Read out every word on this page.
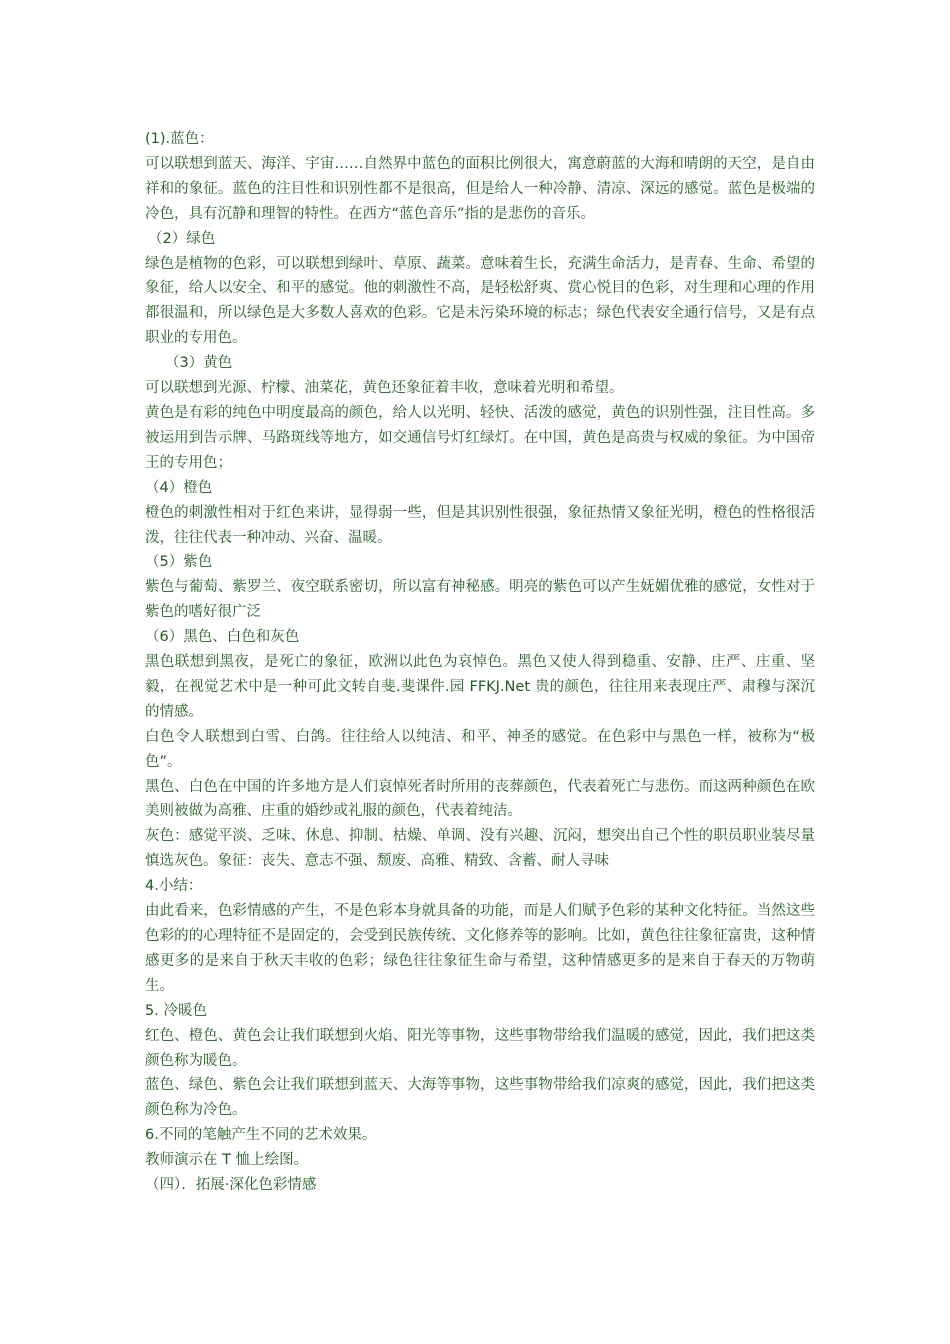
(1).蓝色：

可以联想到蓝天、海洋、宇宙……自然界中蓝色的面积比例很大，寓意蔚蓝的大海和晴朗的天空，是自由祥和的象征。蓝色的注目性和识别性都不是很高，但是给人一种冷静、清凉、深远的感觉。蓝色是极端的冷色，具有沉静和理智的特性。在西方“蓝色音乐”指的是悲伤的音乐。

（2）绿色

绿色是植物的色彩，可以联想到绿叶、草原、蔬菜。意味着生长，充满生命活力，是青春、生命、希望的象征，给人以安全、和平的感觉。他的刺激性不高，是轻松舒爽、赏心悦目的色彩，对生理和心理的作用都很温和，所以绿色是大多数人喜欢的色彩。它是未污染环境的标志；绿色代表安全通行信号，又是有点职业的专用色。

（3）黄色

可以联想到光源、柠檬、油菜花，黄色还象征着丰收，意味着光明和希望。

黄色是有彩的纯色中明度最高的颜色，给人以光明、轻快、活泼的感觉，黄色的识别性强，注目性高。多被运用到告示牌、马路斑线等地方，如交通信号灯红绿灯。在中国，黄色是高贵与权威的象征。为中国帝王的专用色；

（4）橙色

橙色的刺激性相对于红色来讲，显得弱一些，但是其识别性很强，象征热情又象征光明，橙色的性格很活泼，往往代表一种冲动、兴奋、温暖。

（5）紫色

紫色与葡萄、紫罗兰、夜空联系密切，所以富有神秘感。明亮的紫色可以产生妩媚优雅的感觉，女性对于紫色的嗜好很广泛

（6）黑色、白色和灰色

黑色联想到黑夜，是死亡的象征，欧洲以此色为哀悼色。黑色又使人得到稳重、安静、庄严、庄重、坚毅，在视觉艺术中是一种可此文转自斐.斐课件.园 FFKJ.Net 贵的颜色，往往用来表现庄严、肃穆与深沉的情感。

白色令人联想到白雪、白鸽。往往给人以纯洁、和平、神圣的感觉。在色彩中与黑色一样，被称为“极色”。

黑色、白色在中国的许多地方是人们哀悼死者时所用的丧葬颜色，代表着死亡与悲伤。而这两种颜色在欧美则被做为高雅、庄重的婚纱或礼服的颜色，代表着纯洁。

灰色：感觉平淡、乏味、休息、抑制、枯燥、单调、没有兴趣、沉闷，想突出自己个性的职员职业装尽量慎选灰色。象征：丧失、意志不强、颓废、高雅、精致、含蓄、耐人寻味

4.小结：

由此看来，色彩情感的产生，不是色彩本身就具备的功能，而是人们赋予色彩的某种文化特征。当然这些色彩的的心理特征不是固定的，会受到民族传统、文化修养等的影响。比如，黄色往往象征富贵，这种情感更多的是来自于秋天丰收的色彩；绿色往往象征生命与希望，这种情感更多的是来自于春天的万物萌生。

5. 冷暖色

红色、橙色、黄色会让我们联想到火焰、阳光等事物，这些事物带给我们温暖的感觉，因此，我们把这类颜色称为暖色。

蓝色、绿色、紫色会让我们联想到蓝天、大海等事物，这些事物带给我们凉爽的感觉，因此，我们把这类颜色称为冷色。

6.不同的笔触产生不同的艺术效果。

教师演示在 T 恤上绘图。

（四）．拓展·深化色彩情感
